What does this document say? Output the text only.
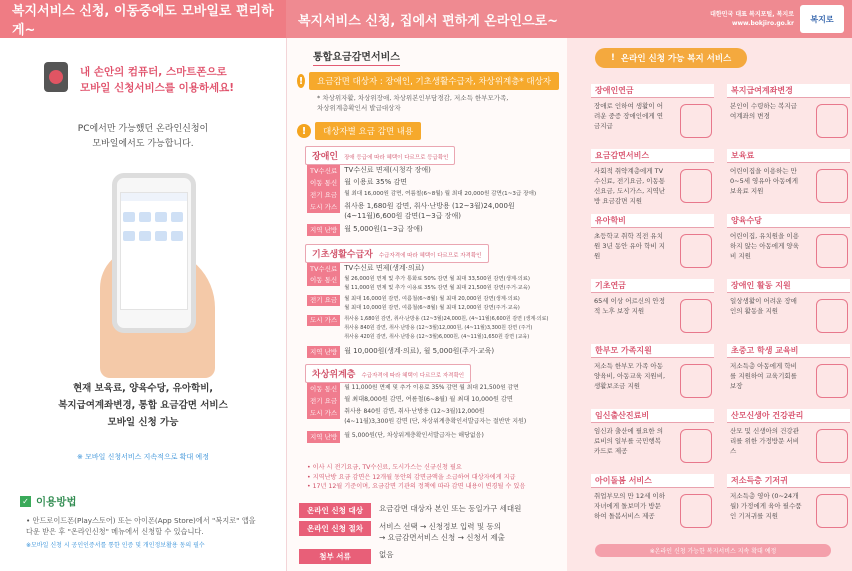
복지서비스 신청, 이동중에도 모바일로 편리하게~
복지서비스 신청, 집에서 편하게 온라인으로~	대한민국 대표 복지포털, 복지로
www.bokjiro.go.kr	복지로
내 손안의 컴퓨터, 스마트폰으로
모바일 신청서비스를 이용하세요!
PC에서만 가능했던 온라인신청이
모바일에서도 가능합니다.
현재 보육료, 양육수당, 유아학비,
복지급여계좌변경, 통합 요금감면 서비스
모바일 신청 가능
※ 모바일 신청서비스 지속적으로 확대 예정
✓ 이용방법
• 안드로이드폰(Play스토어) 또는 아이폰(App Store)에서 "복지로" 앱을
다운 받은 후 "온라인신청" 메뉴에서 신청할 수 있습니다.
※모바일 신청 시 공인인증서를 통한 인증 및 개인정보활용 동의 필수
통합요금감면서비스
!	요금감면 대상자 : 장애인, 기초생활수급자, 차상위계층* 대상자
* 차상위자활, 차상위장애, 차상위본인부담경감, 저소득 한부모가족,
차상위계층확인서 발급대상자
!	대상자별 요금 감면 내용
장애인 장애 등급에 따라 혜택이 다르므로 등급확인
TV수신료	TV수신료 면제(시청각 장애)
이동 통신	월 이용료 35% 감면
전기 요금	월 최대 16,000원 감면, 여름철(6~8월) 월 최대 20,000원 감면(1~3급 장애)
도시 가스	취사용 1,680원 감면, 취사·난방용 (12~3월)24,000원
(4~11월)6,600원 감면(1~3급 장애)
지역 난방	월 5,000원(1~3급 장애)
기초생활수급자 수급자격에 따라 혜택이 다르므로 자격확인
TV수신료	TV수신료 면제(생계·의료)
이동 통신	월 26,000원 면제 및 추가 통화료 50% 감면 월 최대 33,500원 감면(생계·의료)
월 11,000원 면제 및 추가 이용료 35% 감면 월 최대 21,500원 감면(주거·교육)
전기 요금	월 최대 16,000원 감면, 여름철(6~8월) 월 최대 20,000원 감면(생계·의료)
월 최대 10,000원 감면, 여름철(6~8월) 월 최대 12,000원 감면(주거·교육)
도시 가스	취사용 1,680원 감면, 취사·난방용 (12~3월)24,000원, (4~11월)6,600원 감면 (생계·의료)
취사용 840원 감면, 취사·난방용 (12~3월)12,000원, (4~11월)3,300원 감면 (주거)
취사용 420원 감면, 취사·난방용 (12~3월)6,000원, (4~11월)1,650원 감면 (교육)
지역 난방	월 10,000원(생계·의료), 월 5,000원(주거·교육)
차상위계층 수급자격에 따라 혜택이 다르므로 자격확인
이동 통신	월 11,000원 면제 및 추가 이용료 35% 감면 월 최대 21,500원 감면
전기 요금	월 최대8,000원 감면, 여름철(6~8월) 월 최대 10,000원 감면
도시 가스	취사용 840원 감면, 취사·난방용 (12~3월)12,000원
(4~11월)3,300원 감면 (단, 차상위계층확인서발급자는 절반만 지원)
지역 난방	월 5,000원(단, 차상위계층확인서발급자는 해당없음)
• 이사 시 전기요금, TV수신료, 도시가스는 신규신청 필요
• 지역난방 요금 감면은 12개월 동안의 감면금액을 소급하여 대상자에게 지급
• 17년 12월 기준이며, 요금감면 기관의 정책에 따라 감면 내용이 변경될 수 있음
온라인 신청 대상	요금감면 대상자 본인 또는 동일가구 세대원
온라인 신청 절차	서비스 선택 → 신청정보 입력 및 동의
→ 요금감면서비스 신청 → 신청서 제출
첨부 서류	없음
! 온라인 신청 가능 복지 서비스
장애인연금
장애로 인하여 생활이 어려운 중증 장애인에게 연금지급
복지급여계좌변경
본인이 수령하는 복지급여계좌의 변경
요금감면서비스
사회적 취약계층에게 TV수신료, 전기요금, 이동통신요금, 도시가스, 지역난방 요금감면 지원
보육료
어린이집을 이용하는 만0~5세 영유아 아동에게 보육료 지원
유아학비
초등학교 취학 직전 유치원 3년 동안 유아 학비 지원
양육수당
어린이집, 유치원을 이용하지 않는 아동에게 양육비 지원
기초연금
65세 이상 어르신의 안정적 노후 보장 지원
장애인 활동 지원
일상생활이 어려운 장애인의 활동을 지원
한부모 가족지원
저소득 한부모 가족 아동양육비, 아동교육 지원비, 생활보조금 지원
초중고 학생 교육비
저소득층 아동에게 학비를 지원하여 교육기회를 보장
임신출산진료비
임신과 출산에 필요한 의료비의 일부를 국민행복카드로 제공
산모신생아 건강관리
산모 및 신생아의 건강관리를 위한 가정방문 서비스
아이돌봄 서비스
취업부모의 만 12세 이하 자녀에게 돌보미가 방문하여 돌봄서비스 제공
저소득층 기저귀
저소득층 영아 (0~24개월) 가정에게 육아 필수품인 기저귀를 지원
※온라인 신청 가능한 복지서비스 지속 확대 예정
